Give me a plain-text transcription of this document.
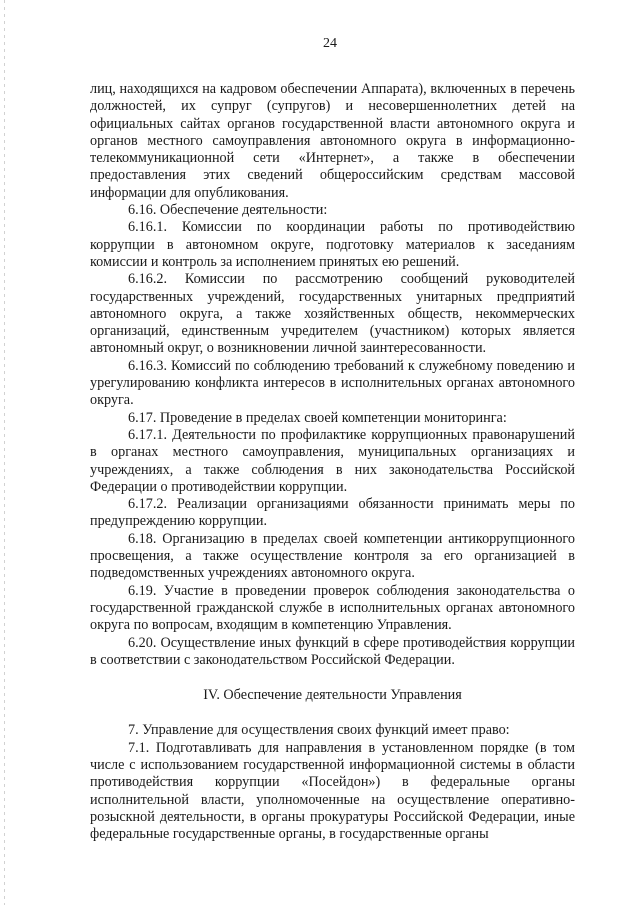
24

лиц, находящихся на кадровом обеспечении Аппарата), включенных в перечень должностей, их супруг (супругов) и несовершеннолетних детей на официальных сайтах органов государственной власти автономного округа и органов местного самоуправления автономного округа в информационно-телекоммуникационной сети «Интернет», а также в обеспечении предоставления этих сведений общероссийским средствам массовой информации для опубликования.

6.16. Обеспечение деятельности:

6.16.1. Комиссии по координации работы по противодействию коррупции в автономном округе, подготовку материалов к заседаниям комиссии и контроль за исполнением принятых ею решений.

6.16.2. Комиссии по рассмотрению сообщений руководителей государственных учреждений, государственных унитарных предприятий автономного округа, а также хозяйственных обществ, некоммерческих организаций, единственным учредителем (участником) которых является автономный округ, о возникновении личной заинтересованности.

6.16.3. Комиссий по соблюдению требований к служебному поведению и урегулированию конфликта интересов в исполнительных органах автономного округа.

6.17. Проведение в пределах своей компетенции мониторинга:

6.17.1. Деятельности по профилактике коррупционных правонарушений в органах местного самоуправления, муниципальных организациях и учреждениях, а также соблюдения в них законодательства Российской Федерации о противодействии коррупции.

6.17.2. Реализации организациями обязанности принимать меры по предупреждению коррупции.

6.18. Организацию в пределах своей компетенции антикоррупционного просвещения, а также осуществление контроля за его организацией в подведомственных учреждениях автономного округа.

6.19. Участие в проведении проверок соблюдения законодательства о государственной гражданской службе в исполнительных органах автономного округа по вопросам, входящим в компетенцию Управления.

6.20. Осуществление иных функций в сфере противодействия коррупции в соответствии с законодательством Российской Федерации.

IV. Обеспечение деятельности Управления

7. Управление для осуществления своих функций имеет право:

7.1. Подготавливать для направления в установленном порядке (в том числе с использованием государственной информационной системы в области противодействия коррупции «Посейдон») в федеральные органы исполнительной власти, уполномоченные на осуществление оперативно-розыскной деятельности, в органы прокуратуры Российской Федерации, иные федеральные государственные органы, в государственные органы
